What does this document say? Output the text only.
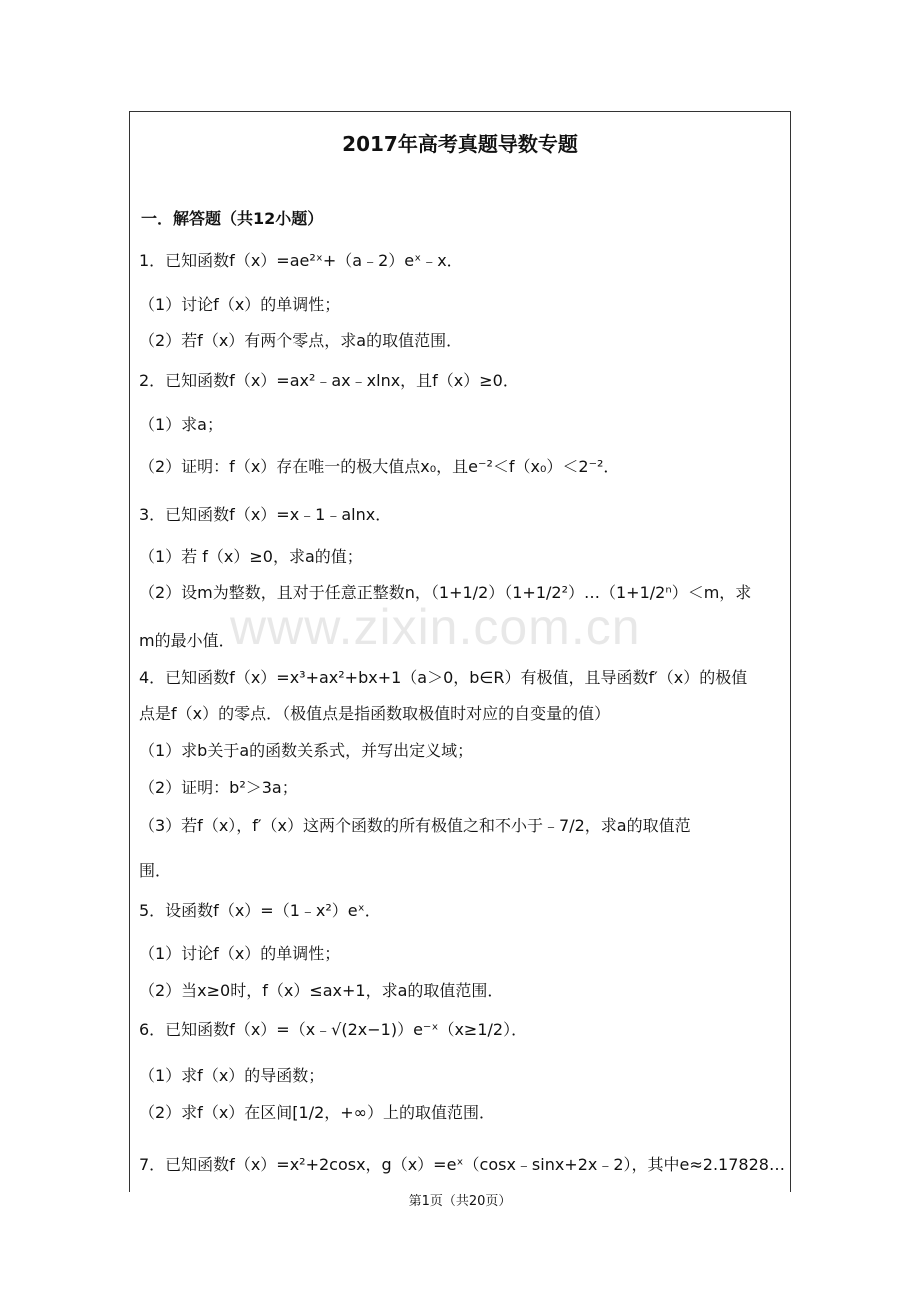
2017年高考真题导数专题
一．解答题（共12小题）
1．已知函数f（x）=ae²ˣ+（a﹣2）eˣ﹣x．
（1）讨论f（x）的单调性；
（2）若f（x）有两个零点，求a的取值范围．
2．已知函数f（x）=ax²﹣ax﹣xlnx，且f（x）≥0．
（1）求a；
（2）证明：f（x）存在唯一的极大值点x₀，且e⁻²＜f（x₀）＜2⁻²．
3．已知函数f（x）=x﹣1﹣alnx．
（1）若 f（x）≥0，求a的值；
（2）设m为整数，且对于任意正整数n，（1+1/2）（1+1/2²）…（1+1/2ⁿ）＜m，求
m的最小值．
4．已知函数f（x）=x³+ax²+bx+1（a＞0，b∈R）有极值，且导函数f′（x）的极值
点是f（x）的零点．（极值点是指函数取极值时对应的自变量的值）
（1）求b关于a的函数关系式，并写出定义域；
（2）证明：b²＞3a；
（3）若f（x），f′（x）这两个函数的所有极值之和不小于﹣7/2，求a的取值范
围．
5．设函数f（x）=（1﹣x²）eˣ．
（1）讨论f（x）的单调性；
（2）当x≥0时，f（x）≤ax+1，求a的取值范围．
6．已知函数f（x）=（x﹣√(2x−1)）e⁻ˣ（x≥1/2）．
（1）求f（x）的导函数；
（2）求f（x）在区间[1/2，+∞）上的取值范围．
7．已知函数f（x）=x²+2cosx，g（x）=eˣ（cosx﹣sinx+2x﹣2），其中e≈2.17828…
www.zixin.com.cn
第1页（共20页）
